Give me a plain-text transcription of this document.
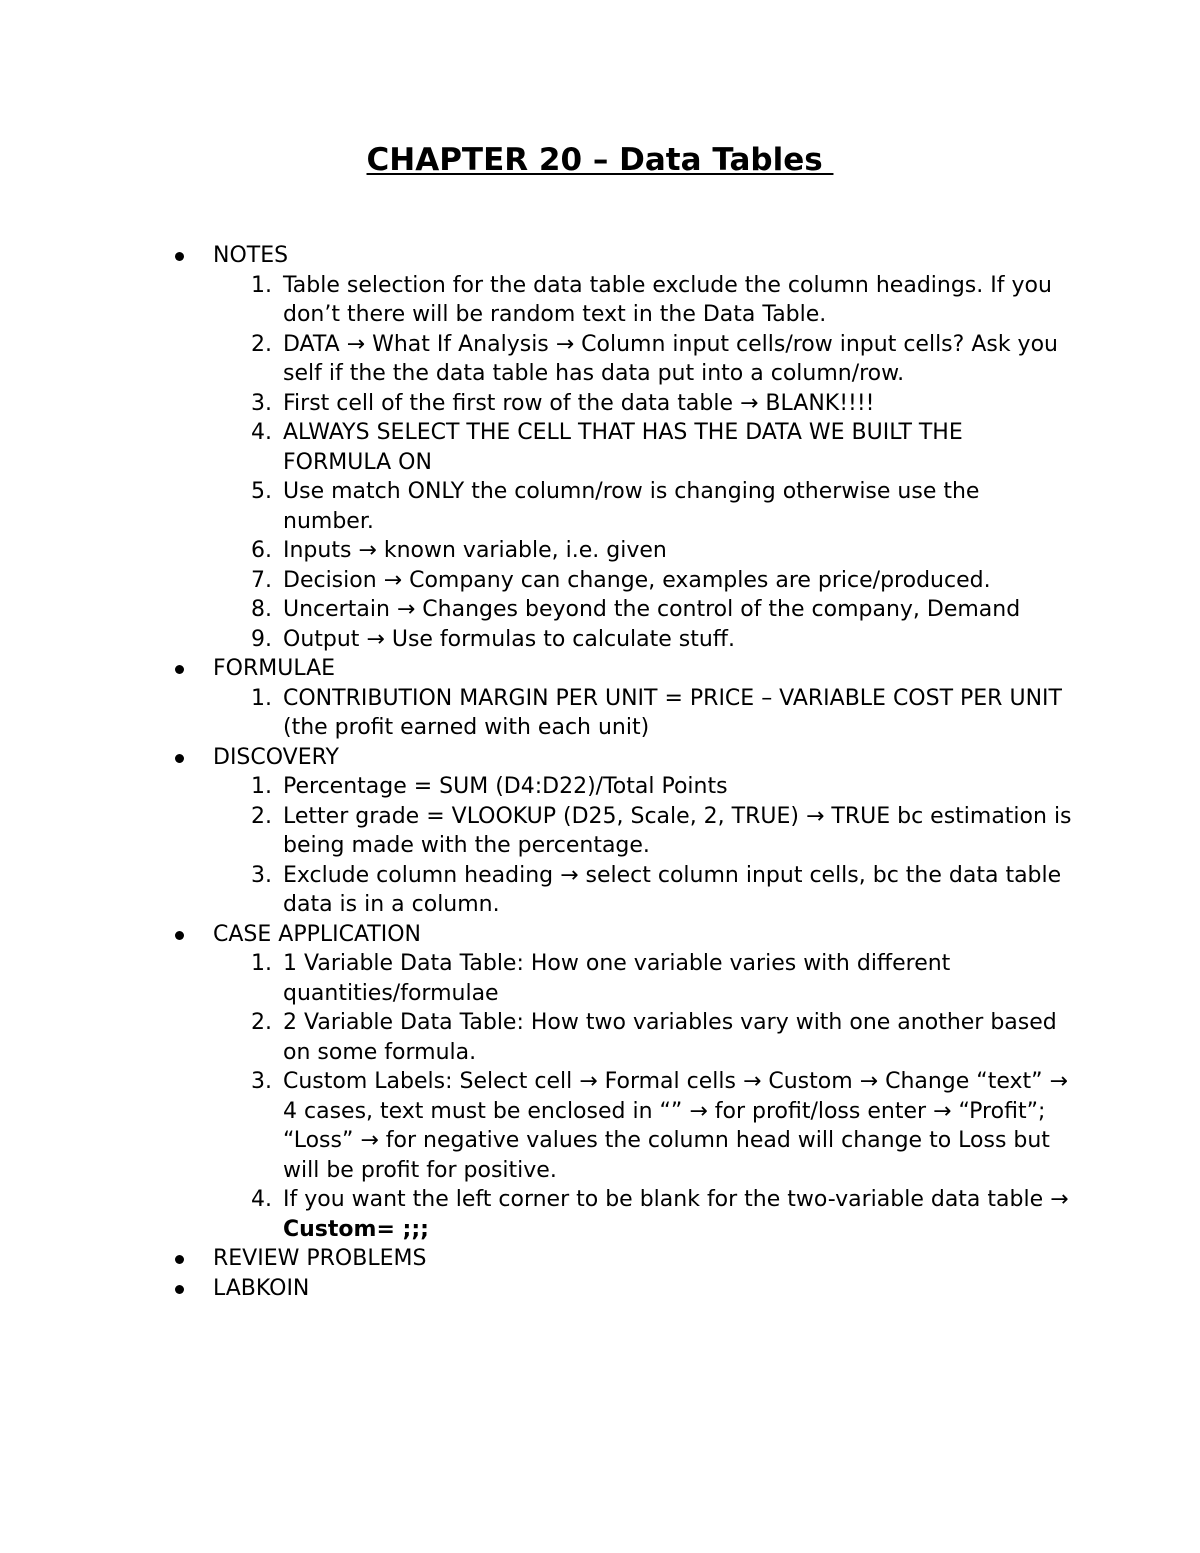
CHAPTER 20 – Data Tables
NOTES
1. Table selection for the data table exclude the column headings. If you don’t there will be random text in the Data Table.
2. DATA → What If Analysis → Column input cells/row input cells? Ask you self if the the data table has data put into a column/row.
3. First cell of the first row of the data table → BLANK!!!!
4. ALWAYS SELECT THE CELL THAT HAS THE DATA WE BUILT THE FORMULA ON
5. Use match ONLY the column/row is changing otherwise use the number.
6. Inputs → known variable, i.e. given
7. Decision → Company can change, examples are price/produced.
8. Uncertain → Changes beyond the control of the company, Demand
9. Output → Use formulas to calculate stuff.
FORMULAE
1. CONTRIBUTION MARGIN PER UNIT = PRICE – VARIABLE COST PER UNIT (the profit earned with each unit)
DISCOVERY
1. Percentage = SUM (D4:D22)/Total Points
2. Letter grade = VLOOKUP (D25, Scale, 2, TRUE) → TRUE bc estimation is being made with the percentage.
3. Exclude column heading → select column input cells, bc the data table data is in a column.
CASE APPLICATION
1. 1 Variable Data Table: How one variable varies with different quantities/formulae
2. 2 Variable Data Table: How two variables vary with one another based on some formula.
3. Custom Labels: Select cell → Formal cells → Custom → Change “text” → 4 cases, text must be enclosed in “” → for profit/loss enter → “Profit”; “Loss” → for negative values the column head will change to Loss but will be profit for positive.
4. If you want the left corner to be blank for the two-variable data table → Custom= ;;;
REVIEW PROBLEMS
LABKOIN
